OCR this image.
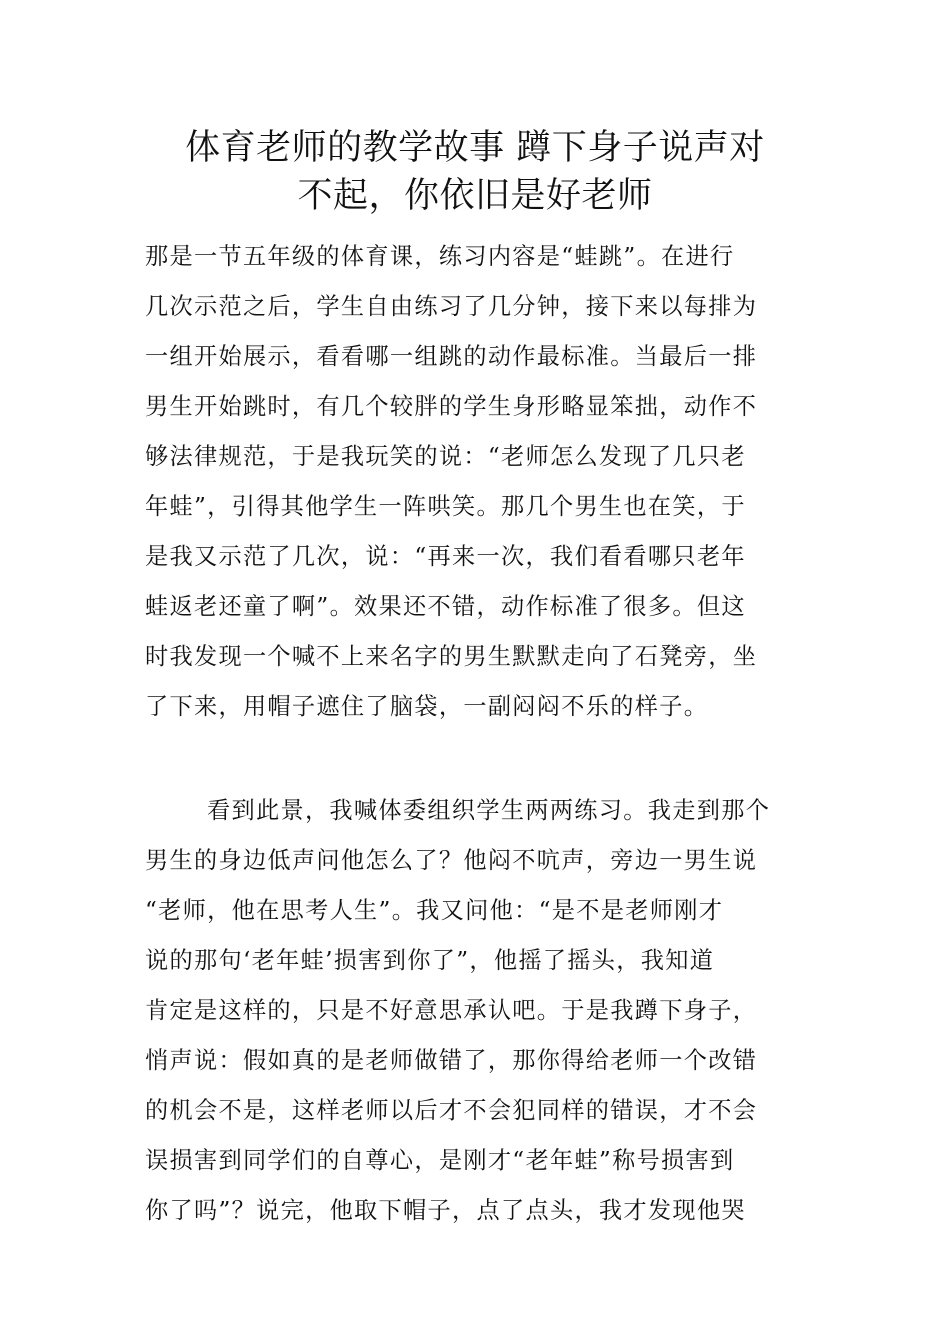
体育老师的教学故事 蹲下身子说声对
不起，你依旧是好老师
那是一节五年级的体育课，练习内容是“蛙跳”。在进行
几次示范之后，学生自由练习了几分钟，接下来以每排为
一组开始展示，看看哪一组跳的动作最标准。当最后一排
男生开始跳时，有几个较胖的学生身形略显笨拙，动作不
够法律规范，于是我玩笑的说：“老师怎么发现了几只老
年蛙”，引得其他学生一阵哄笑。那几个男生也在笑，于
是我又示范了几次，说：“再来一次，我们看看哪只老年
蛙返老还童了啊”。效果还不错，动作标准了很多。但这
时我发现一个喊不上来名字的男生默默走向了石凳旁，坐
了下来，用帽子遮住了脑袋，一副闷闷不乐的样子。
看到此景，我喊体委组织学生两两练习。我走到那个
男生的身边低声问他怎么了？他闷不吭声，旁边一男生说
“老师，他在思考人生”。我又问他：“是不是老师刚才
说的那句‘老年蛙’损害到你了”，他摇了摇头，我知道
肯定是这样的，只是不好意思承认吧。于是我蹲下身子，
悄声说：假如真的是老师做错了，那你得给老师一个改错
的机会不是，这样老师以后才不会犯同样的错误，才不会
误损害到同学们的自尊心，是刚才“老年蛙”称号损害到
你了吗”？说完，他取下帽子，点了点头，我才发现他哭
